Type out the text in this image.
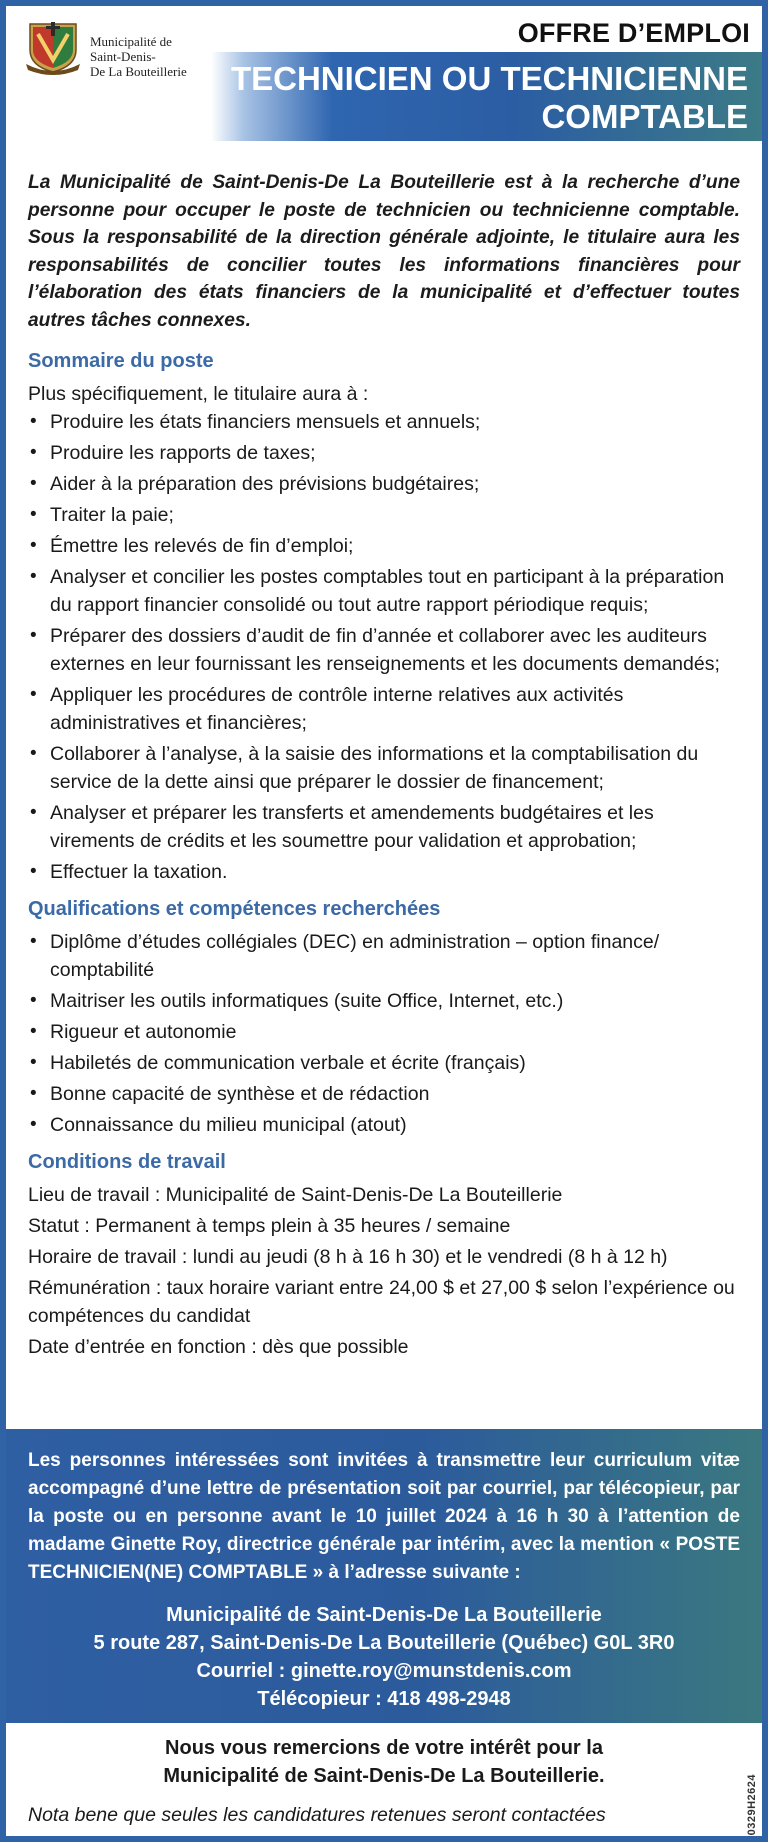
Municipalité de
Saint-Denis-
De La Bouteillerie
OFFRE D’EMPLOI
TECHNICIEN OU TECHNICIENNE
COMPTABLE

La Municipalité de Saint-Denis-De La Bouteillerie est à la recherche d’une personne pour occuper le poste de technicien ou technicienne comptable. Sous la responsabilité de la direction générale adjointe, le titulaire aura les responsabilités de concilier toutes les informations financières pour l’élaboration des états financiers de la municipalité et d’effectuer toutes autres tâches connexes.

Sommaire du poste

Plus spécifiquement, le titulaire aura à :

• Produire les états financiers mensuels et annuels;
• Produire les rapports de taxes;
• Aider à la préparation des prévisions budgétaires;
• Traiter la paie;
• Émettre les relevés de fin d’emploi;
• Analyser et concilier les postes comptables tout en participant à la préparation du rapport financier consolidé ou tout autre rapport périodique requis;
• Préparer des dossiers d’audit de fin d’année et collaborer avec les auditeurs externes en leur fournissant les renseignements et les documents demandés;
• Appliquer les procédures de contrôle interne relatives aux activités administratives et financières;
• Collaborer à l’analyse, à la saisie des informations et la comptabilisation du service de la dette ainsi que préparer le dossier de financement;
• Analyser et préparer les transferts et amendements budgétaires et les virements de crédits et les soumettre pour validation et approbation;
• Effectuer la taxation.
Qualifications et compétences recherchées
• Diplôme d’études collégiales (DEC) en administration – option finance/ comptabilité
• Maitriser les outils informatiques (suite Office, Internet, etc.)
• Rigueur et autonomie
• Habiletés de communication verbale et écrite (français)
• Bonne capacité de synthèse et de rédaction
• Connaissance du milieu municipal (atout)
Conditions de travail

Lieu de travail : Municipalité de Saint-Denis-De La Bouteillerie

Statut : Permanent à temps plein à 35 heures / semaine

Horaire de travail : lundi au jeudi (8 h à 16 h 30) et le vendredi (8 h à 12 h)

Rémunération : taux horaire variant entre 24,00 $ et 27,00 $ selon l’expérience ou compétences du candidat

Date d’entrée en fonction : dès que possible

Les personnes intéressées sont invitées à transmettre leur curriculum vitæ accompagné d’une lettre de présentation soit par courriel, par télécopieur, par la poste ou en personne avant le 10 juillet 2024 à 16 h 30 à l’attention de madame Ginette Roy, directrice générale par intérim, avec la mention « POSTE TECHNICIEN(NE) COMPTABLE » à l’adresse suivante :

Municipalité de Saint-Denis-De La Bouteillerie
5 route 287, Saint-Denis-De La Bouteillerie (Québec) G0L 3R0
Courriel : ginette.roy@munstdenis.com
Télécopieur : 418 498-2948
Nous vous remercions de votre intérêt pour la
Municipalité de Saint-Denis-De La Bouteillerie.
Nota bene que seules les candidatures retenues seront contactées	0329H2624
